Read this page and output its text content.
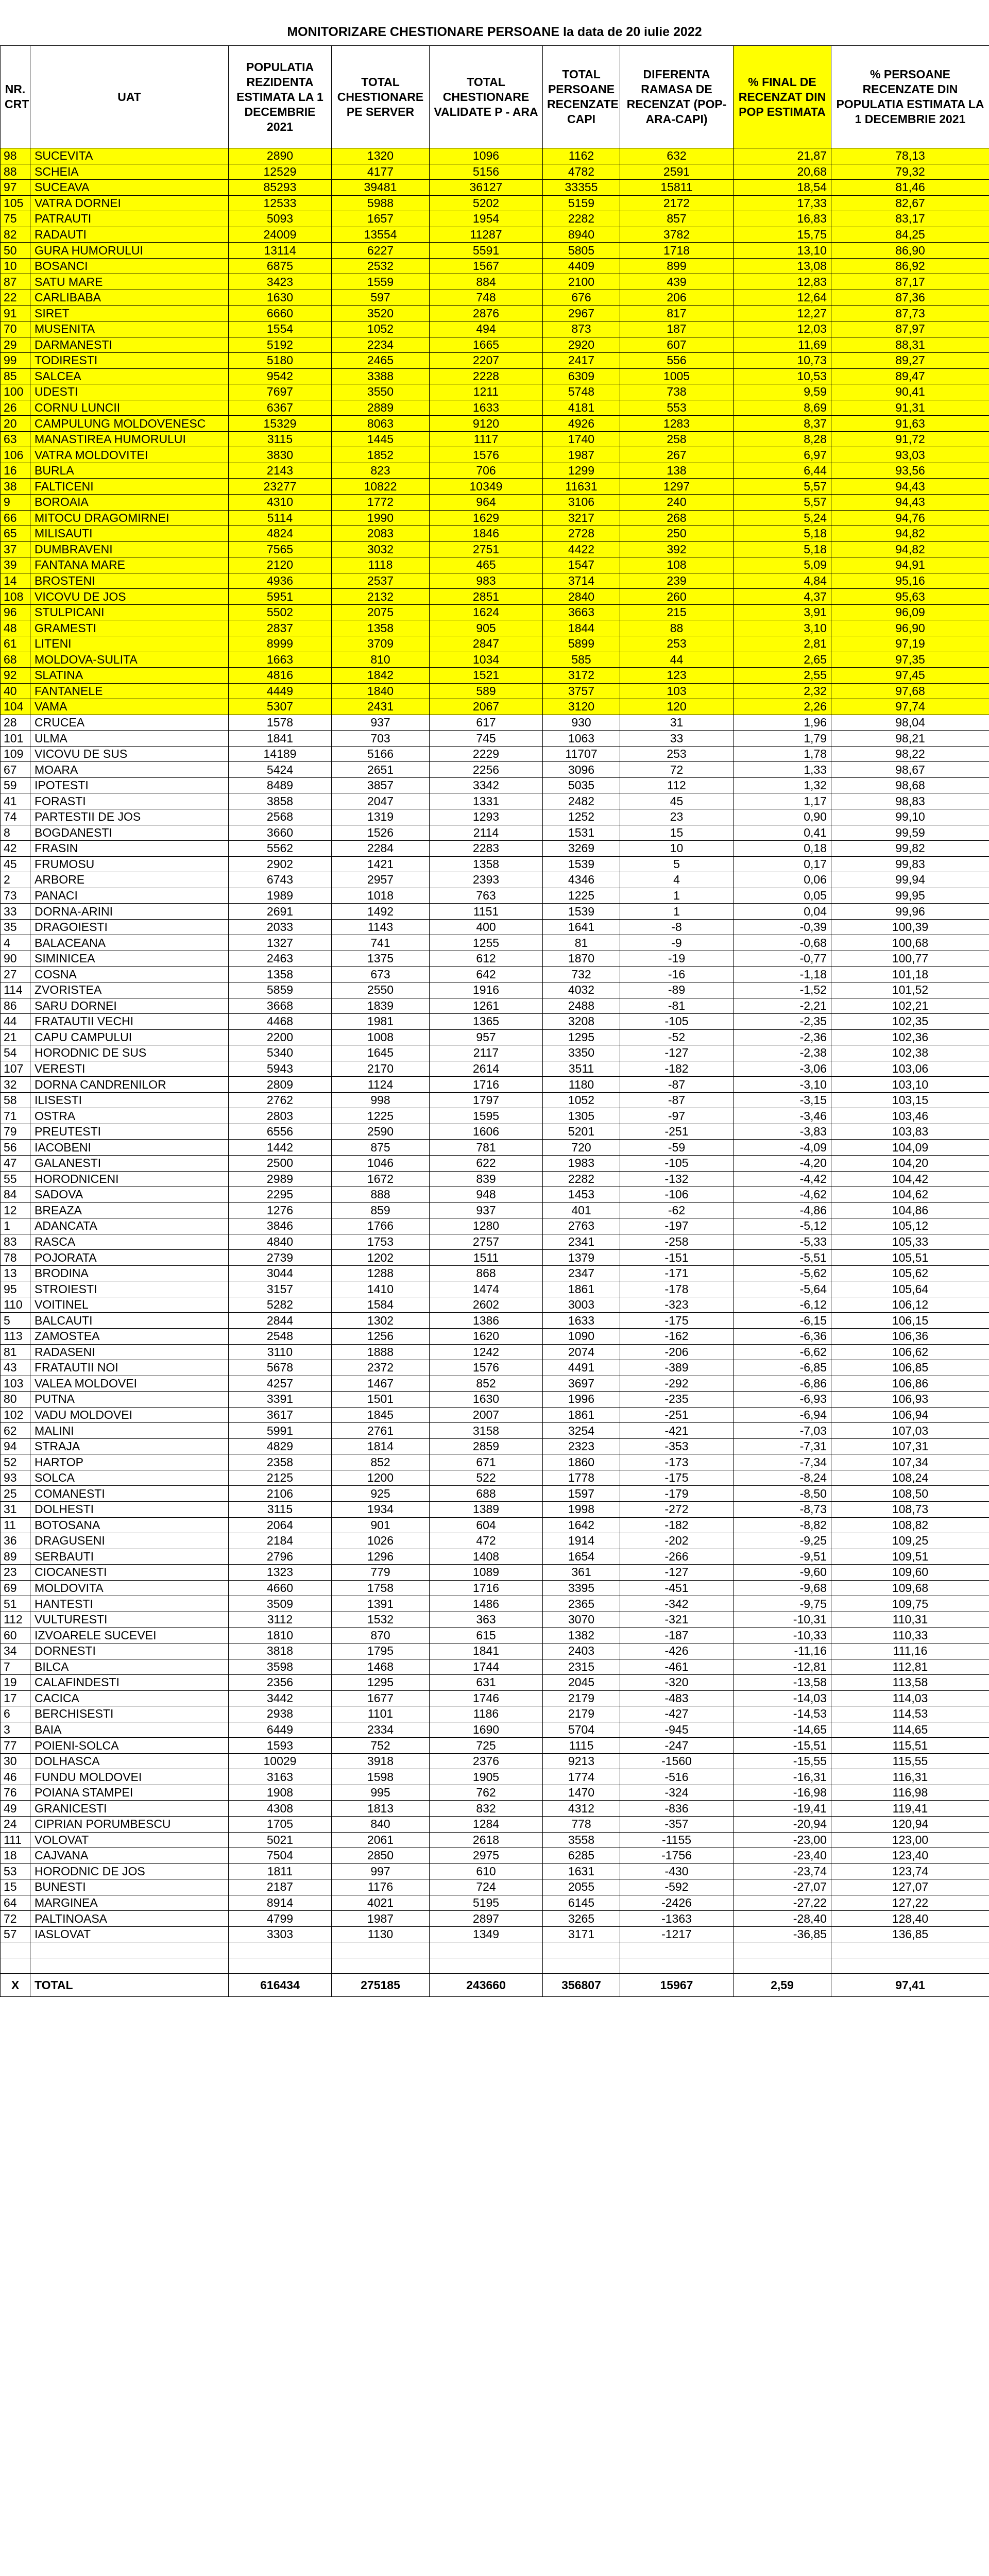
MONITORIZARE CHESTIONARE PERSOANE la data de 20 iulie 2022
NR. CRT	UAT	POPULATIA REZIDENTA ESTIMATA LA 1 DECEMBRIE 2021	TOTAL CHESTIONARE PE SERVER	TOTAL CHESTIONARE VALIDATE P - ARA	TOTAL PERSOANE RECENZATE CAPI	DIFERENTA RAMASA DE RECENZAT (POP-ARA-CAPI)	% FINAL DE RECENZAT DIN POP ESTIMATA	% PERSOANE RECENZATE DIN POPULATIA ESTIMATA LA 1 DECEMBRIE 2021
98	SUCEVITA	2890	1320	1096	1162	632	21,87	78,13
88	SCHEIA	12529	4177	5156	4782	2591	20,68	79,32
97	SUCEAVA	85293	39481	36127	33355	15811	18,54	81,46
105	VATRA DORNEI	12533	5988	5202	5159	2172	17,33	82,67
75	PATRAUTI	5093	1657	1954	2282	857	16,83	83,17
82	RADAUTI	24009	13554	11287	8940	3782	15,75	84,25
50	GURA HUMORULUI	13114	6227	5591	5805	1718	13,10	86,90
10	BOSANCI	6875	2532	1567	4409	899	13,08	86,92
87	SATU MARE	3423	1559	884	2100	439	12,83	87,17
22	CARLIBABA	1630	597	748	676	206	12,64	87,36
91	SIRET	6660	3520	2876	2967	817	12,27	87,73
70	MUSENITA	1554	1052	494	873	187	12,03	87,97
29	DARMANESTI	5192	2234	1665	2920	607	11,69	88,31
99	TODIRESTI	5180	2465	2207	2417	556	10,73	89,27
85	SALCEA	9542	3388	2228	6309	1005	10,53	89,47
100	UDESTI	7697	3550	1211	5748	738	9,59	90,41
26	CORNU LUNCII	6367	2889	1633	4181	553	8,69	91,31
20	CAMPULUNG MOLDOVENESC	15329	8063	9120	4926	1283	8,37	91,63
63	MANASTIREA HUMORULUI	3115	1445	1117	1740	258	8,28	91,72
106	VATRA MOLDOVITEI	3830	1852	1576	1987	267	6,97	93,03
16	BURLA	2143	823	706	1299	138	6,44	93,56
38	FALTICENI	23277	10822	10349	11631	1297	5,57	94,43
9	BOROAIA	4310	1772	964	3106	240	5,57	94,43
66	MITOCU DRAGOMIRNEI	5114	1990	1629	3217	268	5,24	94,76
65	MILISAUTI	4824	2083	1846	2728	250	5,18	94,82
37	DUMBRAVENI	7565	3032	2751	4422	392	5,18	94,82
39	FANTANA MARE	2120	1118	465	1547	108	5,09	94,91
14	BROSTENI	4936	2537	983	3714	239	4,84	95,16
108	VICOVU DE JOS	5951	2132	2851	2840	260	4,37	95,63
96	STULPICANI	5502	2075	1624	3663	215	3,91	96,09
48	GRAMESTI	2837	1358	905	1844	88	3,10	96,90
61	LITENI	8999	3709	2847	5899	253	2,81	97,19
68	MOLDOVA-SULITA	1663	810	1034	585	44	2,65	97,35
92	SLATINA	4816	1842	1521	3172	123	2,55	97,45
40	FANTANELE	4449	1840	589	3757	103	2,32	97,68
104	VAMA	5307	2431	2067	3120	120	2,26	97,74
28	CRUCEA	1578	937	617	930	31	1,96	98,04
101	ULMA	1841	703	745	1063	33	1,79	98,21
109	VICOVU DE SUS	14189	5166	2229	11707	253	1,78	98,22
67	MOARA	5424	2651	2256	3096	72	1,33	98,67
59	IPOTESTI	8489	3857	3342	5035	112	1,32	98,68
41	FORASTI	3858	2047	1331	2482	45	1,17	98,83
74	PARTESTII DE JOS	2568	1319	1293	1252	23	0,90	99,10
8	BOGDANESTI	3660	1526	2114	1531	15	0,41	99,59
42	FRASIN	5562	2284	2283	3269	10	0,18	99,82
45	FRUMOSU	2902	1421	1358	1539	5	0,17	99,83
2	ARBORE	6743	2957	2393	4346	4	0,06	99,94
73	PANACI	1989	1018	763	1225	1	0,05	99,95
33	DORNA-ARINI	2691	1492	1151	1539	1	0,04	99,96
35	DRAGOIESTI	2033	1143	400	1641	-8	-0,39	100,39
4	BALACEANA	1327	741	1255	81	-9	-0,68	100,68
90	SIMINICEA	2463	1375	612	1870	-19	-0,77	100,77
27	COSNA	1358	673	642	732	-16	-1,18	101,18
114	ZVORISTEA	5859	2550	1916	4032	-89	-1,52	101,52
86	SARU DORNEI	3668	1839	1261	2488	-81	-2,21	102,21
44	FRATAUTII VECHI	4468	1981	1365	3208	-105	-2,35	102,35
21	CAPU CAMPULUI	2200	1008	957	1295	-52	-2,36	102,36
54	HORODNIC DE SUS	5340	1645	2117	3350	-127	-2,38	102,38
107	VERESTI	5943	2170	2614	3511	-182	-3,06	103,06
32	DORNA CANDRENILOR	2809	1124	1716	1180	-87	-3,10	103,10
58	ILISESTI	2762	998	1797	1052	-87	-3,15	103,15
71	OSTRA	2803	1225	1595	1305	-97	-3,46	103,46
79	PREUTESTI	6556	2590	1606	5201	-251	-3,83	103,83
56	IACOBENI	1442	875	781	720	-59	-4,09	104,09
47	GALANESTI	2500	1046	622	1983	-105	-4,20	104,20
55	HORODNICENI	2989	1672	839	2282	-132	-4,42	104,42
84	SADOVA	2295	888	948	1453	-106	-4,62	104,62
12	BREAZA	1276	859	937	401	-62	-4,86	104,86
1	ADANCATA	3846	1766	1280	2763	-197	-5,12	105,12
83	RASCA	4840	1753	2757	2341	-258	-5,33	105,33
78	POJORATA	2739	1202	1511	1379	-151	-5,51	105,51
13	BRODINA	3044	1288	868	2347	-171	-5,62	105,62
95	STROIESTI	3157	1410	1474	1861	-178	-5,64	105,64
110	VOITINEL	5282	1584	2602	3003	-323	-6,12	106,12
5	BALCAUTI	2844	1302	1386	1633	-175	-6,15	106,15
113	ZAMOSTEA	2548	1256	1620	1090	-162	-6,36	106,36
81	RADASENI	3110	1888	1242	2074	-206	-6,62	106,62
43	FRATAUTII NOI	5678	2372	1576	4491	-389	-6,85	106,85
103	VALEA MOLDOVEI	4257	1467	852	3697	-292	-6,86	106,86
80	PUTNA	3391	1501	1630	1996	-235	-6,93	106,93
102	VADU MOLDOVEI	3617	1845	2007	1861	-251	-6,94	106,94
62	MALINI	5991	2761	3158	3254	-421	-7,03	107,03
94	STRAJA	4829	1814	2859	2323	-353	-7,31	107,31
52	HARTOP	2358	852	671	1860	-173	-7,34	107,34
93	SOLCA	2125	1200	522	1778	-175	-8,24	108,24
25	COMANESTI	2106	925	688	1597	-179	-8,50	108,50
31	DOLHESTI	3115	1934	1389	1998	-272	-8,73	108,73
11	BOTOSANA	2064	901	604	1642	-182	-8,82	108,82
36	DRAGUSENI	2184	1026	472	1914	-202	-9,25	109,25
89	SERBAUTI	2796	1296	1408	1654	-266	-9,51	109,51
23	CIOCANESTI	1323	779	1089	361	-127	-9,60	109,60
69	MOLDOVITA	4660	1758	1716	3395	-451	-9,68	109,68
51	HANTESTI	3509	1391	1486	2365	-342	-9,75	109,75
112	VULTURESTI	3112	1532	363	3070	-321	-10,31	110,31
60	IZVOARELE SUCEVEI	1810	870	615	1382	-187	-10,33	110,33
34	DORNESTI	3818	1795	1841	2403	-426	-11,16	111,16
7	BILCA	3598	1468	1744	2315	-461	-12,81	112,81
19	CALAFINDESTI	2356	1295	631	2045	-320	-13,58	113,58
17	CACICA	3442	1677	1746	2179	-483	-14,03	114,03
6	BERCHISESTI	2938	1101	1186	2179	-427	-14,53	114,53
3	BAIA	6449	2334	1690	5704	-945	-14,65	114,65
77	POIENI-SOLCA	1593	752	725	1115	-247	-15,51	115,51
30	DOLHASCA	10029	3918	2376	9213	-1560	-15,55	115,55
46	FUNDU MOLDOVEI	3163	1598	1905	1774	-516	-16,31	116,31
76	POIANA STAMPEI	1908	995	762	1470	-324	-16,98	116,98
49	GRANICESTI	4308	1813	832	4312	-836	-19,41	119,41
24	CIPRIAN PORUMBESCU	1705	840	1284	778	-357	-20,94	120,94
111	VOLOVAT	5021	2061	2618	3558	-1155	-23,00	123,00
18	CAJVANA	7504	2850	2975	6285	-1756	-23,40	123,40
53	HORODNIC DE JOS	1811	997	610	1631	-430	-23,74	123,74
15	BUNESTI	2187	1176	724	2055	-592	-27,07	127,07
64	MARGINEA	8914	4021	5195	6145	-2426	-27,22	127,22
72	PALTINOASA	4799	1987	2897	3265	-1363	-28,40	128,40
57	IASLOVAT	3303	1130	1349	3171	-1217	-36,85	136,85

X	TOTAL	616434	275185	243660	356807	15967	2,59	97,41
